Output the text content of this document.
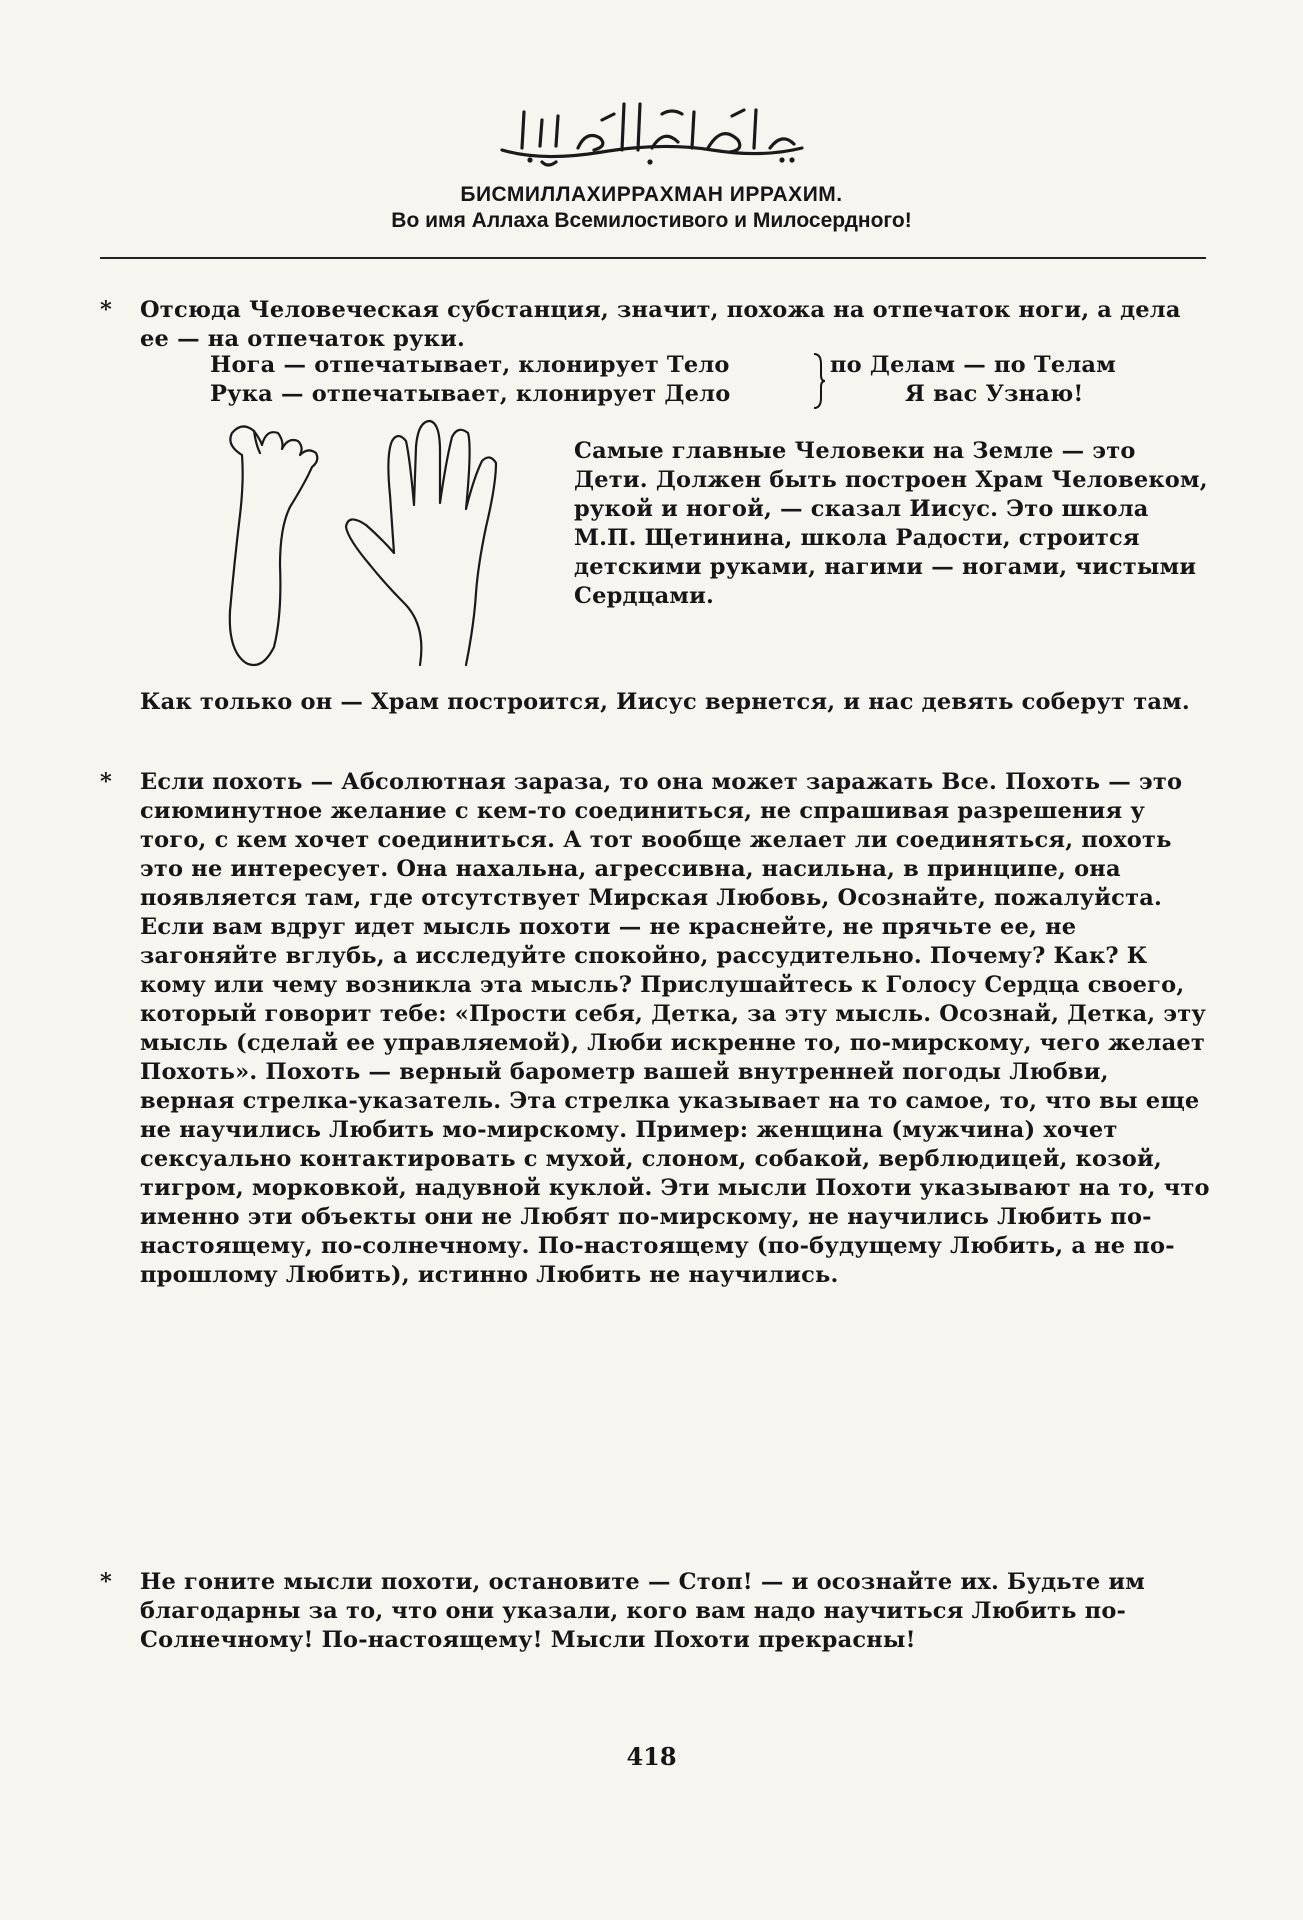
БИСМИЛЛАХИРРАХМАН ИРРАХИМ.
Во имя Аллаха Всемилостивого и Милосердного!
*	Отсюда Человеческая субстанция, значит, похожа на отпечаток ноги, а дела ее — на отпечаток руки.

Нога — отпечатывает, клонирует Тело
Рука — отпечатывает, клонирует Дело
по Делам — по Телам
Я вас Узнаю!
Самые главные Человеки на Земле — это Дети. Должен быть построен Храм Человеком, рукой и ногой, — сказал Иисус. Это школа М.П. Щетинина, школа Радости, строится детскими руками, нагими — ногами, чистыми Сердцами.
Как только он — Храм построится, Иисус вернется, и нас девять соберут там.
*	Если похоть — Абсолютная зараза, то она может заражать Все. Похоть — это сиюминутное желание с кем-то соединиться, не спрашивая разрешения у того, с кем хочет соединиться. А тот вообще желает ли соединяться, похоть это не интересует. Она нахальна, агрессивна, насильна, в принципе, она появляется там, где отсутствует Мирская Любовь, Осознайте, пожалуйста. Если вам вдруг идет мысль похоти — не краснейте, не прячьте ее, не загоняйте вглубь, а исследуйте спокойно, рассудительно. Почему? Как? К кому или чему возникла эта мысль? Прислушайтесь к Голосу Сердца своего, который говорит тебе: «Прости себя, Детка, за эту мысль. Осознай, Детка, эту мысль (сделай ее управляемой), Люби искренне то, по-мирскому, чего желает Похоть». Похоть — верный барометр вашей внутренней погоды Любви, верная стрелка-указатель. Эта стрелка указывает на то самое, то, что вы еще не научились Любить мо-мирскому. Пример: женщина (мужчина) хочет сексуально контактировать с мухой, слоном, собакой, верблюдицей, козой, тигром, морковкой, надувной куклой. Эти мысли Похоти указывают на то, что именно эти объекты они не Любят по-мирскому, не научились Любить по-настоящему, по-солнечному. По-настоящему (по-будущему Любить, а не по-прошлому Любить), истинно Любить не научились.

*	Не гоните мысли похоти, остановите — Стоп! — и осознайте их. Будьте им благодарны за то, что они указали, кого вам надо научиться Любить по-Солнечному! По-настоящему! Мысли Похоти прекрасны!

418
